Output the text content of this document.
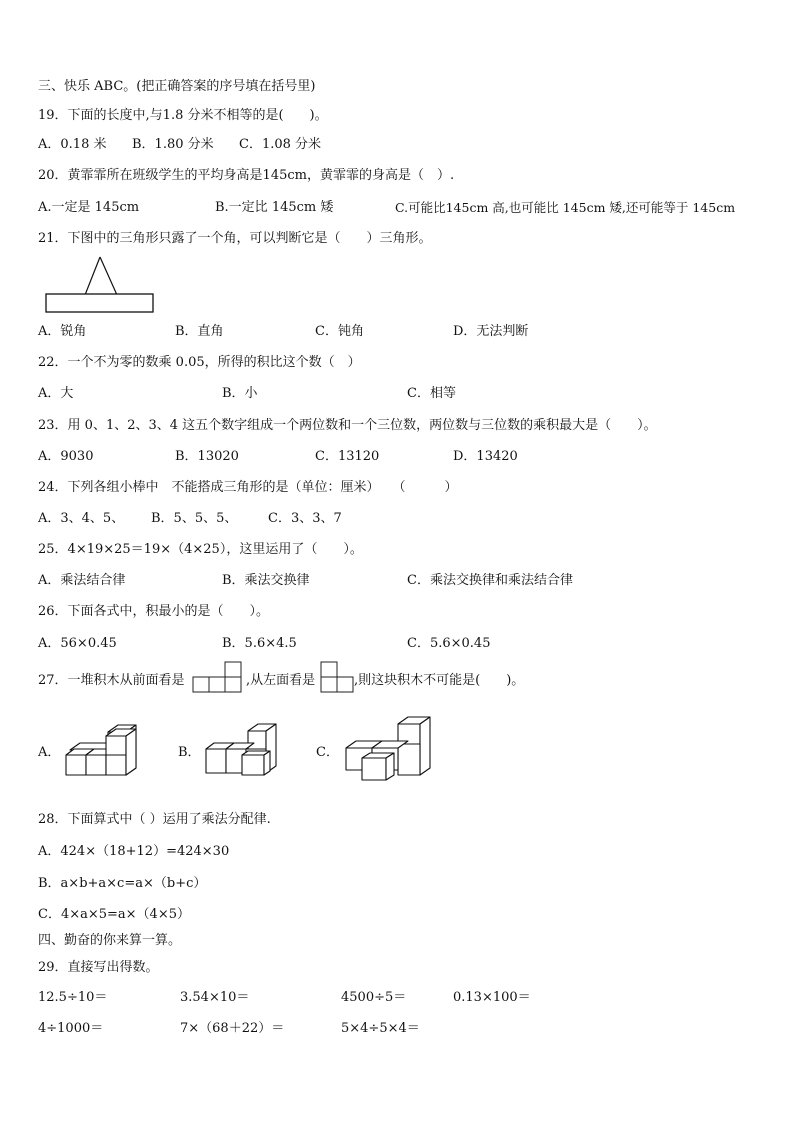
三、快乐 ABC。(把正确答案的序号填在括号里)
19．下面的长度中,与1.8 分米不相等的是(　　)。
A．0.18 米 B．1.80 分米 C．1.08 分米
20．黄霏霏所在班级学生的平均身高是145cm，黄霏霏的身高是（　）.
A.一定是 145cm	B.一定比 145cm 矮	C.可能比145cm 高,也可能比 145cm 矮,还可能等于 145cm
21．下图中的三角形只露了一个角，可以判断它是（　　）三角形。
A．锐角	B．直角	C．钝角	D．无法判断
22．一个不为零的数乘 0.05，所得的积比这个数（　）
A．大	B．小	C．相等
23．用 0、1、2、3、4 这五个数字组成一个两位数和一个三位数，两位数与三位数的乘积最大是（　　）。
A．9030	B．13020	C．13120	D．13420
24．下列各组小棒中　不能搭成三角形的是（单位：厘米）　　（　　　）
A．3、4、5、 B．5、5、5、 C．3、3、7
25．4×19×25＝19×（4×25），这里运用了（　　）。
A．乘法结合律	B．乘法交换律	C．乘法交换律和乘法结合律
26．下面各式中，积最小的是（　　）。
A．56×0.45	B．5.6×4.5	C．5.6×0.45
27．一堆积木从前面看是	,从左面看是	,則这块积木不可能是(　　)。
A．	B．	C．
28．下面算式中（ ）运用了乘法分配律.
A．424×（18+12）=424×30
B．a×b+a×c=a×（b+c）
C．4×a×5=a×（4×5）
四、勤奋的你来算一算。
29．直接写出得数。
12.5÷10＝	3.54×10＝	4500÷5＝	0.13×100＝
4÷1000＝	7×（68＋22）＝	5×4÷5×4＝
